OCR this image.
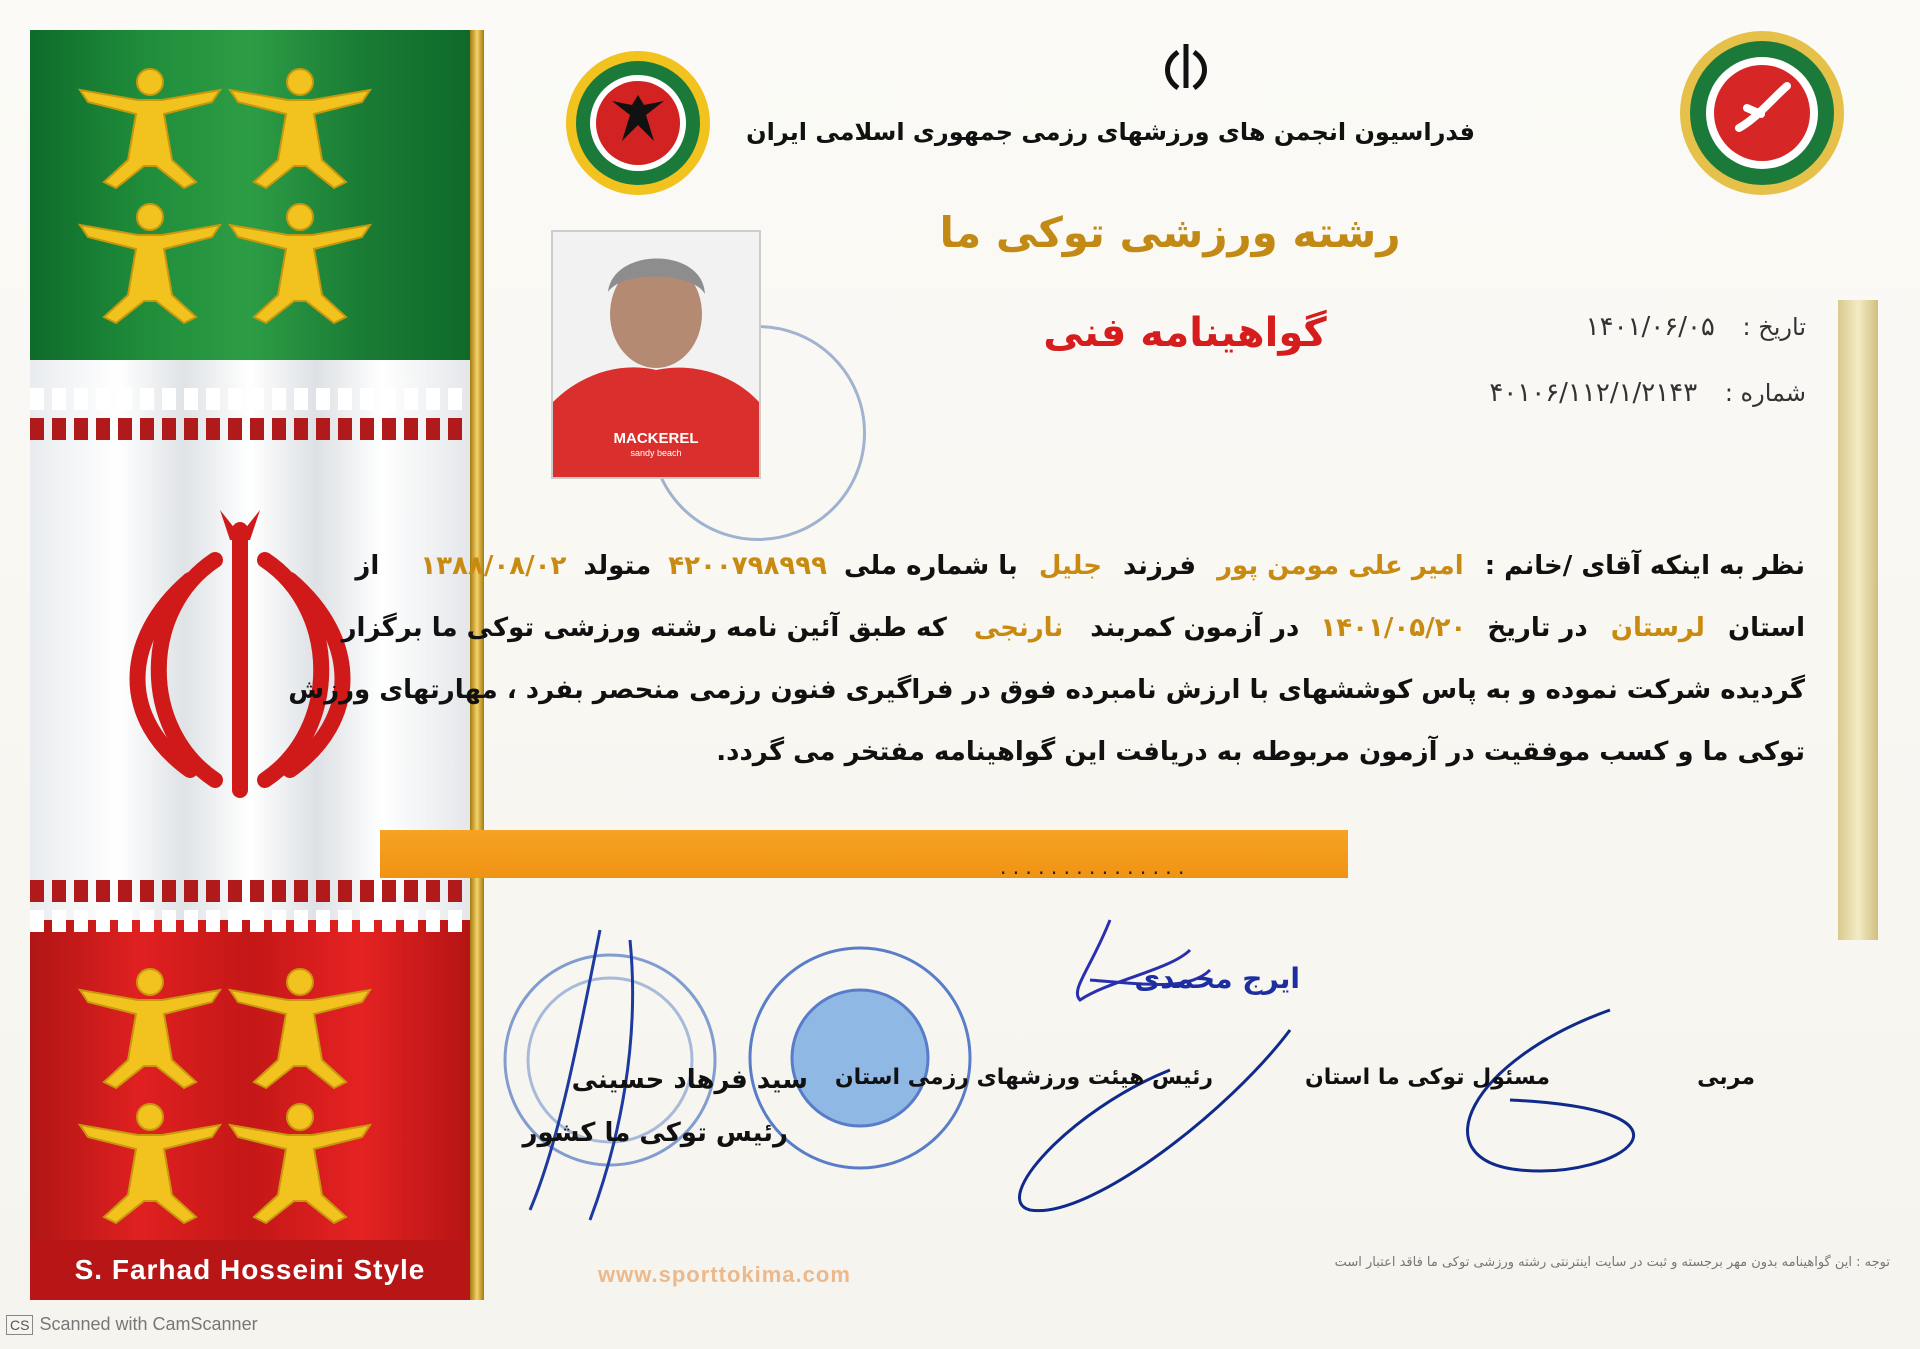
S. Farhad Hosseini Style
فدراسیون انجمن های ورزشهای رزمی جمهوری اسلامی ایران
رشته ورزشی توکی ما
گواهینامه فنی	تاریخ : ۱۴۰۱/۰۶/۰۵
شماره : ۴۰۱۰۶/۱۱۲/۱/۲۱۴۳
MACKEREL
sandy beach
نظر به اینکه آقای /خانم : امیر علی مومن پور فرزند جلیل با شماره ملی ۴۲۰۰۷۹۸۹۹۹ متولد ۱۳۸۸/۰۸/۰۲ از
استان لرستان در تاریخ ۱۴۰۱/۰۵/۲۰ در آزمون کمربند نارنجی که طبق آئین نامه رشته ورزشی توکی ما برگزار
گردیده شرکت نموده و به پاس کوششهای با ارزش نامبرده فوق در فراگیری فنون رزمی منحصر بفرد ، مهارتهای ورزش
توکی ما و کسب موفقیت در آزمون مربوطه به دریافت این گواهینامه مفتخر می گردد.
. . . . . . . . . . . . . . .
مربی
مسئول توکی ما استان
رئیس هیئت ورزشهای رزمی استان
ایرج محمدی
سید فرهاد حسینی
رئیس توکی ما کشور
www.sporttokima.com	توجه : این گواهینامه بدون مهر برجسته و ثبت در سایت اینترنتی رشته ورزشی توکی ما فاقد اعتبار است
CS Scanned with CamScanner
